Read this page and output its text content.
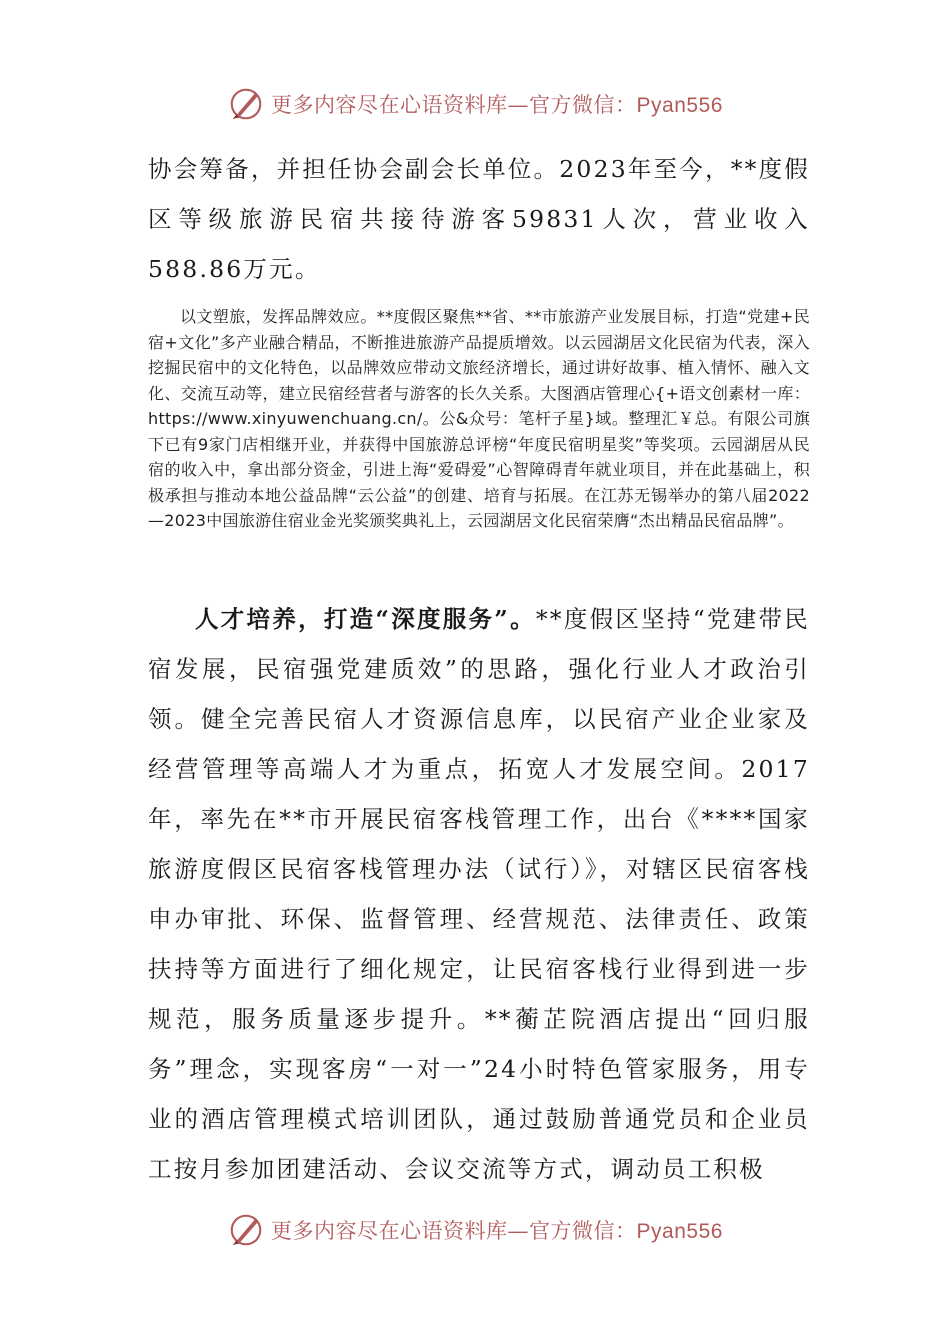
更多内容尽在心语资料库—官方微信：Pyan556

协会筹备，并担任协会副会长单位。2023年至今，**度假区等级旅游民宿共接待游客59831人次，营业收入588.86万元。

以文塑旅，发挥品牌效应。**度假区聚焦**省、**市旅游产业发展目标，打造“党建+民宿+文化”多产业融合精品，不断推进旅游产品提质增效。以云园湖居文化民宿为代表，深入挖掘民宿中的文化特色，以品牌效应带动文旅经济增长，通过讲好故事、植入情怀、融入文化、交流互动等，建立民宿经营者与游客的长久关系。大图酒店管理心{+语文创素材一库：https://www.xinyuwenchuang.cn/。公&众号：笔杆子星}域。整理汇￥总。有限公司旗下已有9家门店相继开业，并获得中国旅游总评榜“年度民宿明星奖”等奖项。云园湖居从民宿的收入中，拿出部分资金，引进上海“爱碍爱”心智障碍青年就业项目，并在此基础上，积极承担与推动本地公益品牌“云公益”的创建、培育与拓展。在江苏无锡举办的第八届2022—2023中国旅游住宿业金光奖颁奖典礼上，云园湖居文化民宿荣膺“杰出精品民宿品牌”。

人才培养，打造“深度服务”。**度假区坚持“党建带民宿发展，民宿强党建质效”的思路，强化行业人才政治引领。健全完善民宿人才资源信息库，以民宿产业企业家及经营管理等高端人才为重点，拓宽人才发展空间。2017年，率先在**市开展民宿客栈管理工作，出台《****国家旅游度假区民宿客栈管理办法（试行）》，对辖区民宿客栈申办审批、环保、监督管理、经营规范、法律责任、政策扶持等方面进行了细化规定，让民宿客栈行业得到进一步规范，服务质量逐步提升。**蘅芷院酒店提出“回归服务”理念，实现客房“一对一”24小时特色管家服务，用专业的酒店管理模式培训团队，通过鼓励普通党员和企业员工按月参加团建活动、会议交流等方式，调动员工积极

更多内容尽在心语资料库—官方微信：Pyan556
